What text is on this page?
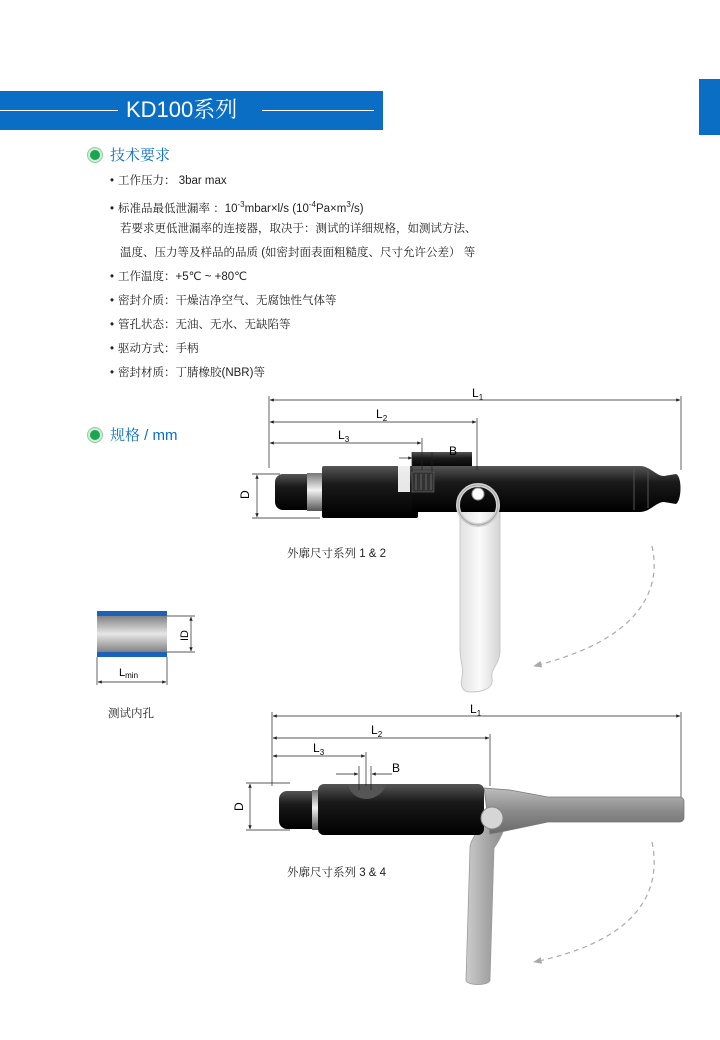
KD100系列
技术要求
• 工作压力： 3bar max
• 标准品最低泄漏率 ：$10^{-3}mbar\times l/s$ $(10^{-4}Pa\times m^3/s)$
若要求更低泄漏率的连接器，取决于：测试的详细规格，如测试方法、
温度、压力等及样品的品质 (如密封面表面粗糙度、尺寸允许公差） 等
• 工作温度：+5℃ ~ +80℃
• 密封介质：干燥洁净空气、无腐蚀性气体等
• 管孔状态：无油、无水、无缺陷等
• 驱动方式：手柄
• 密封材质：丁腈橡胶(NBR)等
规格 / mm
$L_1$
$L_2$
$L_3$
B
D
ID
Lmin
$L_1$
$L_2$
$L_3$
B
D
外廓尺寸系列 1 & 2
测试内孔
外廓尺寸系列 3 & 4
